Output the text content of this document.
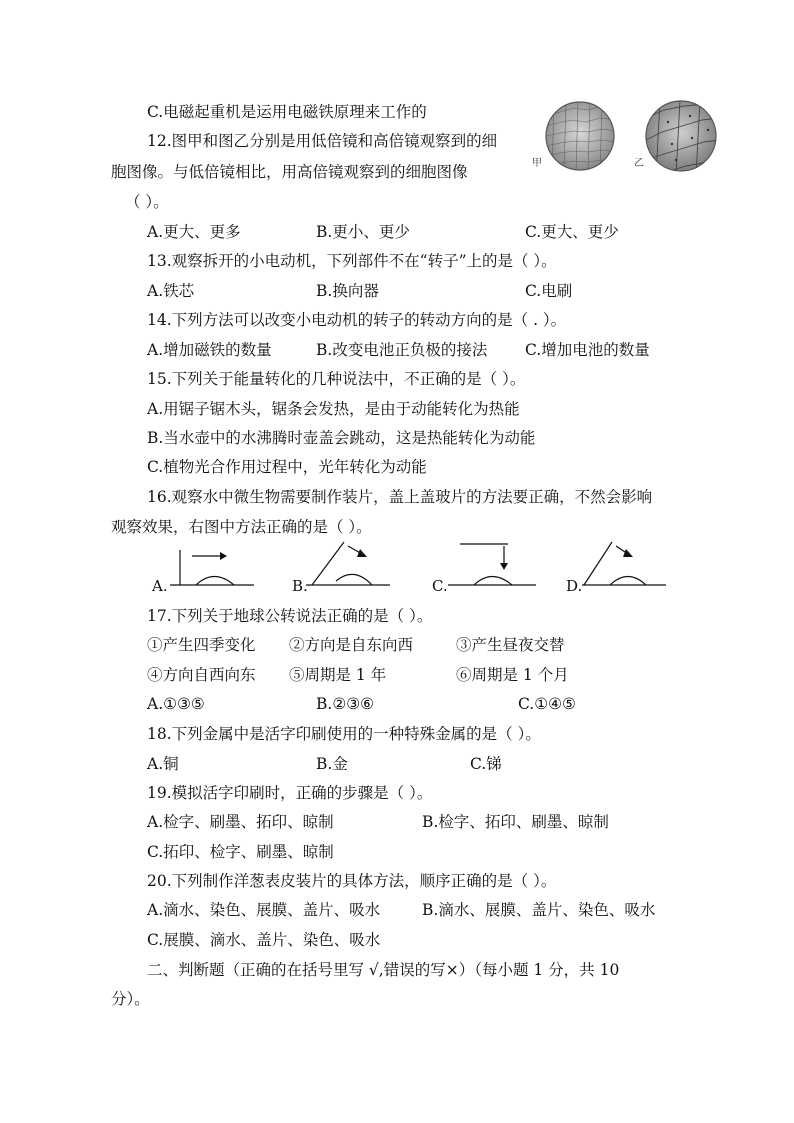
C.电磁起重机是运用电磁铁原理来工作的
12.图甲和图乙分别是用低倍镜和高倍镜观察到的细
胞图像。与低倍镜相比，用高倍镜观察到的细胞图像
（ ）。
甲	乙
A.更大、更多	B.更小、更少	C.更大、更少
13.观察拆开的小电动机，下列部件不在“转子”上的是（ ）。
A.铁芯	B.换向器	C.电刷
14.下列方法可以改变小电动机的转子的转动方向的是（ . ）。
A.增加磁铁的数量	B.改变电池正负极的接法 C.增加电池的数量
15.下列关于能量转化的几种说法中，不正确的是（ ）。
A.用锯子锯木头，锯条会发热，是由于动能转化为热能
B.当水壶中的水沸腾时壶盖会跳动，这是热能转化为动能
C.植物光合作用过程中，光年转化为动能
16.观察水中微生物需要制作装片，盖上盖玻片的方法要正确，不然会影响
观察效果，右图中方法正确的是（ ）。
A.	B.	C.	D.
17.下列关于地球公转说法正确的是（ ）。
①产生四季变化 ②方向是自东向西	③产生昼夜交替
④方向自西向东 ⑤周期是 1 年	⑥周期是 1 个月
A.①③⑤	B.②③⑥	C.①④⑤
18.下列金属中是活字印刷使用的一种特殊金属的是（ ）。
A.铜	B.金	C.锑
19.模拟活字印刷时，正确的步骤是（ ）。
A.检字、刷墨、拓印、晾制	B.检字、拓印、刷墨、晾制
C.拓印、检字、刷墨、晾制
20.下列制作洋葱表皮装片的具体方法，顺序正确的是（ ）。
A.滴水、染色、展膜、盖片、吸水	B.滴水、展膜、盖片、染色、吸水
C.展膜、滴水、盖片、染色、吸水
二、判断题（正确的在括号里写 √,错误的写×）（每小题 1 分，共 10
分）。
